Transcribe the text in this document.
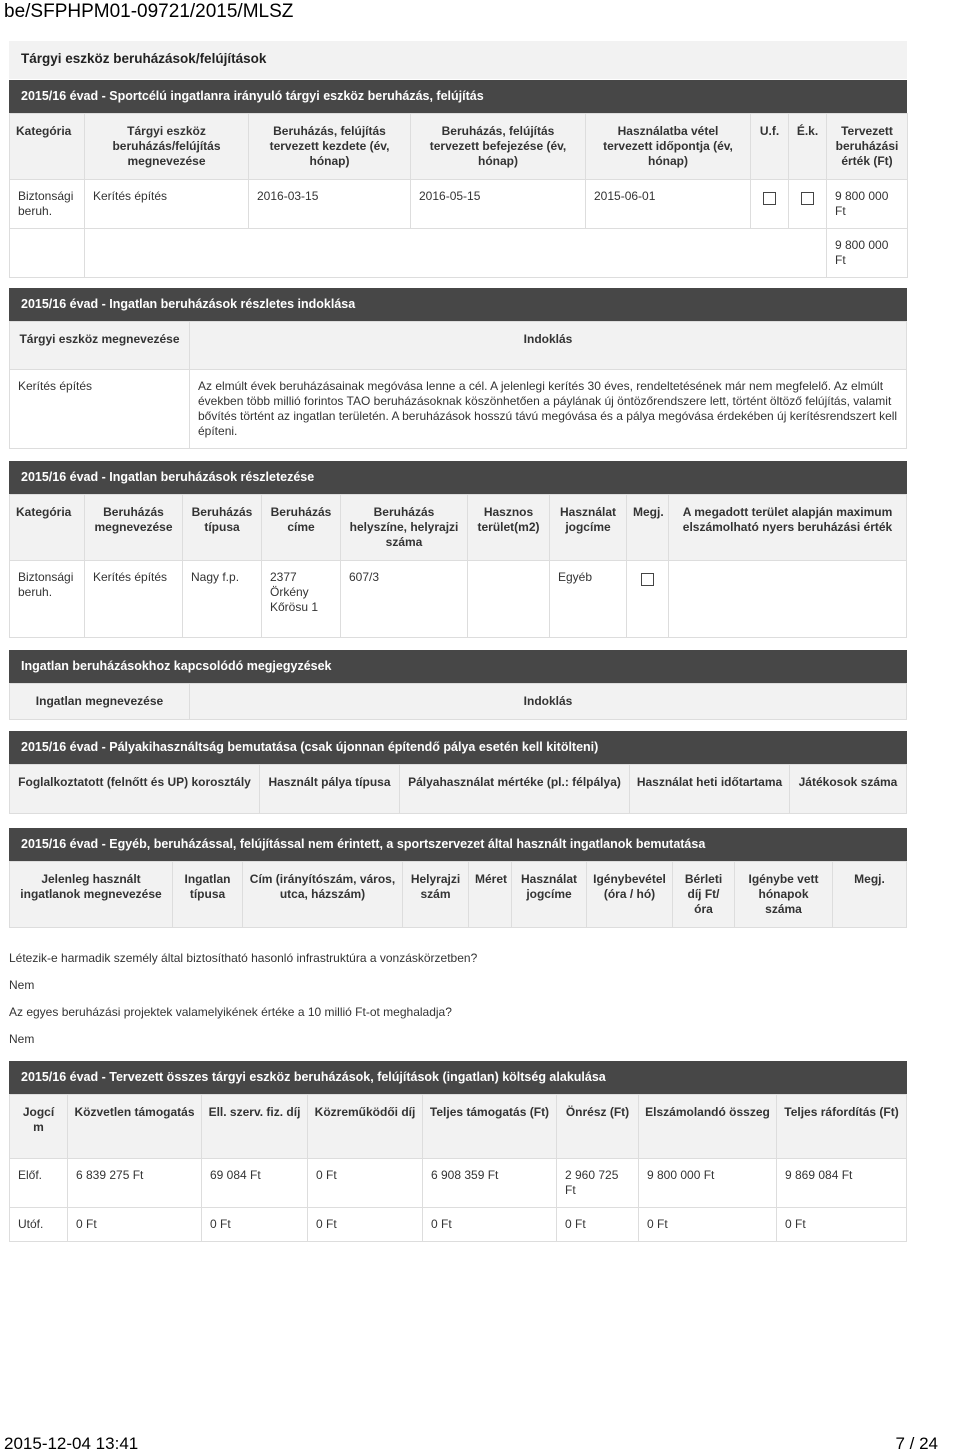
be/SFPHPM01-09721/2015/MLSZ
Tárgyi eszköz beruházások/felújítások
2015/16 évad - Sportcélú ingatlanra irányuló tárgyi eszköz beruházás, felújítás
Kategória	Tárgyi eszköz beruházás/felújítás megnevezése	Beruházás, felújítás tervezett kezdete (év, hónap)	Beruházás, felújítás tervezett befejezése (év, hónap)	Használatba vétel tervezett időpontja (év, hónap)	U.f.	É.k.	Tervezett beruházási érték (Ft)
Biztonsági beruh.	Kerítés építés	2016-03-15	2016-05-15	2015-06-01			9 800 000 Ft
							9 800 000 Ft
2015/16 évad - Ingatlan beruházások részletes indoklása
Tárgyi eszköz megnevezése	Indoklás
Kerítés építés	Az elmúlt évek beruházásainak megóvása lenne a cél. A jelenlegi kerítés 30 éves, rendeltetésének már nem megfelelő. Az elmúlt években több millió forintos TAO beruházásoknak köszönhetően a páylának új öntözőrendszere lett, történt öltöző felújítás, valamit bővítés történt az ingatlan területén. A beruházások hosszú távú megóvása és a pálya megóvása érdekében új kerítésrendszert kell építeni.
2015/16 évad - Ingatlan beruházások részletezése
Kategória	Beruházás megnevezése	Beruházás típusa	Beruházás címe	Beruházás helyszíne, helyrajzi száma	Hasznos terület(m2)	Használat jogcíme	Megj.	A megadott terület alapján maximum elszámolható nyers beruházási érték
Biztonsági beruh.	Kerítés építés	Nagy f.p.	2377 Örkény Kőrösu 1	607/3		Egyéb		
Ingatlan beruházásokhoz kapcsolódó megjegyzések
Ingatlan megnevezése	Indoklás
2015/16 évad - Pályakihasználtság bemutatása (csak újonnan építendő pálya esetén kell kitölteni)
Foglalkoztatott (felnőtt és UP) korosztály	Használt pálya típusa	Pályahasználat mértéke (pl.: félpálya)	Használat heti időtartama	Játékosok száma
2015/16 évad - Egyéb, beruházással, felújítással nem érintett, a sportszervezet által használt ingatlanok bemutatása
Jelenleg használt ingatlanok megnevezése	Ingatlan típusa	Cím (irányítószám, város, utca, házszám)	Helyrajzi szám	Méret	Használat jogcíme	Igénybevétel (óra / hó)	Bérleti díj Ft/óra	Igénybe vett hónapok száma	Megj.
Létezik-e harmadik személy által biztosítható hasonló infrastruktúra a vonzáskörzetben?
Nem
Az egyes beruházási projektek valamelyikének értéke a 10 millió Ft-ot meghaladja?
Nem
2015/16 évad - Tervezett összes tárgyi eszköz beruházások, felújítások (ingatlan) költség alakulása
Jogcí m	Közvetlen támogatás	Ell. szerv. fiz. díj	Közreműködői díj	Teljes támogatás (Ft)	Önrész (Ft)	Elszámolandó összeg	Teljes ráfordítás (Ft)
Előf.	6 839 275 Ft	69 084 Ft	0 Ft	6 908 359 Ft	2 960 725 Ft	9 800 000 Ft	9 869 084 Ft
Utóf.	0 Ft	0 Ft	0 Ft	0 Ft	0 Ft	0 Ft	0 Ft
2015-12-04 13:41	7 / 24
